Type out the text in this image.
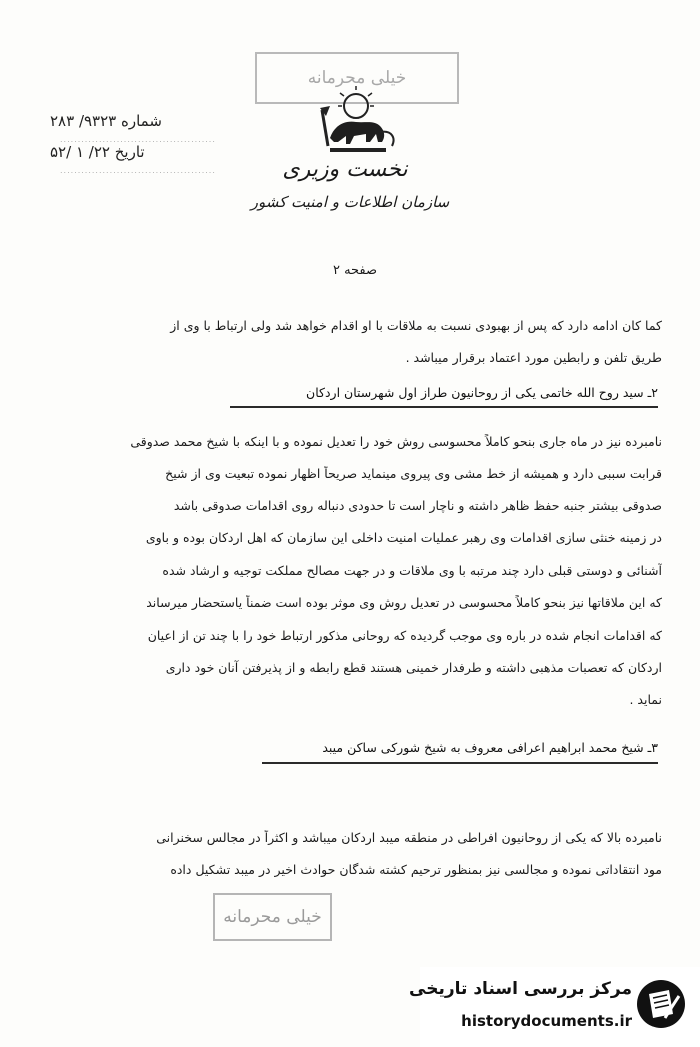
خیلی محرمانه
شماره ۹۳۲۳/ ۲۸۳
تاریخ ۲۲/ ۱ /۵۲
............................................
............................................	نخست وزیری
سازمان اطلاعات و امنیت کشور
صفحه ۲
کما کان ادامه دارد که پس از بهبودی نسبت به ملاقات با او اقدام خواهد شد ولی ارتباط با وی از
طریق تلفن و رابطین مورد اعتماد برقرار میباشد .
۲ـ سید روح الله خاتمی یکی از روحانیون طراز اول شهرستان اردکان
نامبرده نیز در ماه جاری بنحو کاملاً محسوسی روش خود را تعدیل نموده و با اینکه با شیخ محمد صدوقی
قرابت سببی دارد و همیشه از خط مشی وی پیروی مینماید صریحاً اظهار نموده تبعیت وی از شیخ
صدوقی بیشتر جنبه حفظ ظاهر داشته و ناچار است تا حدودی دنباله روی اقدامات صدوقی باشد
در زمینه خنثی سازی اقدامات وی رهبر عملیات امنیت داخلی این سازمان که اهل اردکان بوده و باوی
آشنائی و دوستی قبلی دارد چند مرتبه با وی ملاقات و در جهت مصالح مملکت توجیه و ارشاد شده
که این ملاقاتها نیز بنحو کاملاً محسوسی در تعدیل روش وی موثر بوده است ضمناً یاستحضار میرساند
که اقدامات انجام شده در باره وی موجب گردیده که روحانی مذکور ارتباط خود را با چند تن از اعیان
اردکان که تعصبات مذهبی داشته و طرفدار خمینی هستند قطع رابطه و از پذیرفتن آنان خود داری
نماید .
۳ـ شیخ محمد ابراهیم اعرافی معروف به شیخ شورکی ساکن میبد
نامبرده بالا که یکی از روحانیون افراطی در منطقه میبد اردکان میباشد و اکثراً در مجالس سخنرانی
مود انتقاداتی نموده و مجالسی نیز بمنظور ترحیم کشته شدگان حوادث اخیر در میبد تشکیل داده
خیلی محرمانه
مرکز بررسی اسناد تاریخی
historydocuments.ir
